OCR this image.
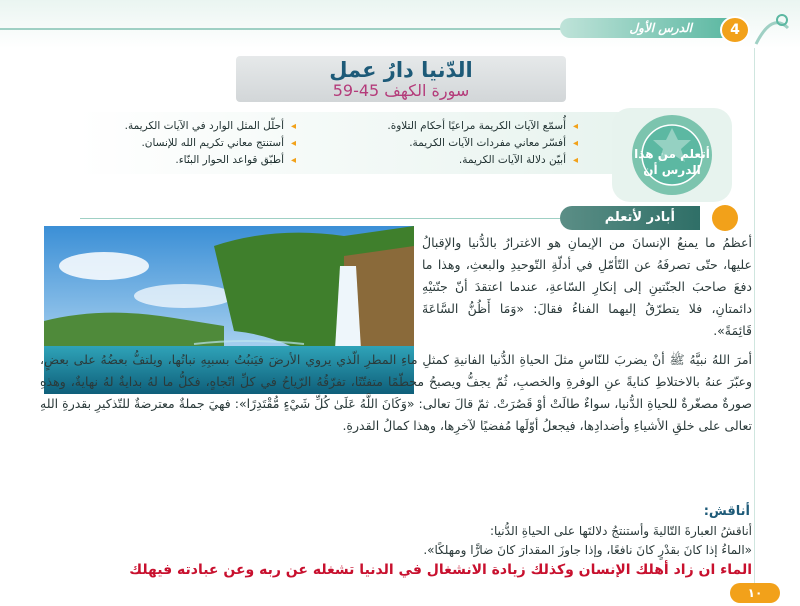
الدرس الأول	4
الدّنيا دارُ عمل
سورة الكهف 45-59
◂ أُسمّع الآيات الكريمة مراعيًا أحكام التلاوة.
◂ أفسّر معاني مفردات الآيات الكريمة.
◂ أبيّن دلالة الآيات الكريمة.
◂ أحلّل المثل الوارد في الآيات الكريمة.
◂ أستنتج معاني تكريم الله للإنسان.
◂ أطبّق قواعد الحوار البنّاء.	أتعلم من هذا الدرس أن
أبادر لأتعلم
أعظمُ ما يمنعُ الإنسانَ من الإيمانِ هو الاغترارُ بالدُّنيا والإقبالُ عليها، حتّى تصرفَهُ عن التّأمّلِ في أدلّةِ التّوحيدِ والبعثِ، وهذا ما دفعَ صاحبَ الجنّتينِ إلى إنكارِ السّاعةِ، عندما اعتقدَ أنّ جنّتيْهِ دائمتانِ، فلا يتطرّقُ إليهما الفناءُ فقالَ: «وَمَا أَظُنُّ السَّاعَةَ قَائِمَةً».
أمرَ اللهُ نبيَّهُ ﷺ أنْ يضربَ للنّاسِ مثلَ الحياةِ الدُّنيا الفانيةِ كمثلِ ماءِ المطرِ الّذي يروي الأرضَ فيَنبُتُ بسببِهِ نباتُها، ويلتفُّ بعضُهُ على بعضٍ، وعبّرَ عنهُ بالاختلاطِ كنايةً عنِ الوفرةِ والخصبِ، ثُمّ يجفُّ ويصبحُ محطّمًا متفتّتًا، تفرّقُهُ الرّياحُ في كلِّ اتّجاهٍ، فكلُّ ما لهُ بدايةٌ لهُ نهايةٌ، وهذهِ صورةٌ مصغّرةٌ للحياةِ الدُّنيا، سواءٌ طالَتْ أوْ قَصُرَتْ. ثمّ قالَ تعالى: «وَكَانَ اللَّهُ عَلَىٰ كُلِّ شَيْءٍ مُّقْتَدِرًا»: فهيَ جملةٌ معترضةٌ للتّذكيرِ بقدرةِ اللهِ تعالى على خلقِ الأشياءِ وأضدادِها، فيجعلُ أوّلَها مُفضيًا لآخرِها، وهذا كمالُ القدرةِ.
أناقش:
أناقشُ العبارةَ التّاليةَ وأستنتجُ دلالتَها على الحياةِ الدُّنيا:
«الماءُ إذا كانَ بقدْرٍ كانَ نافعًا، وإذا جاوزَ المقدارَ كانَ ضارًّا ومهلكًا».
الماء ان زاد أهلك الإنسان وكذلك زيادة الانشغال في الدنيا تشغله عن ربه وعن عبادته فيهلك
١٠
